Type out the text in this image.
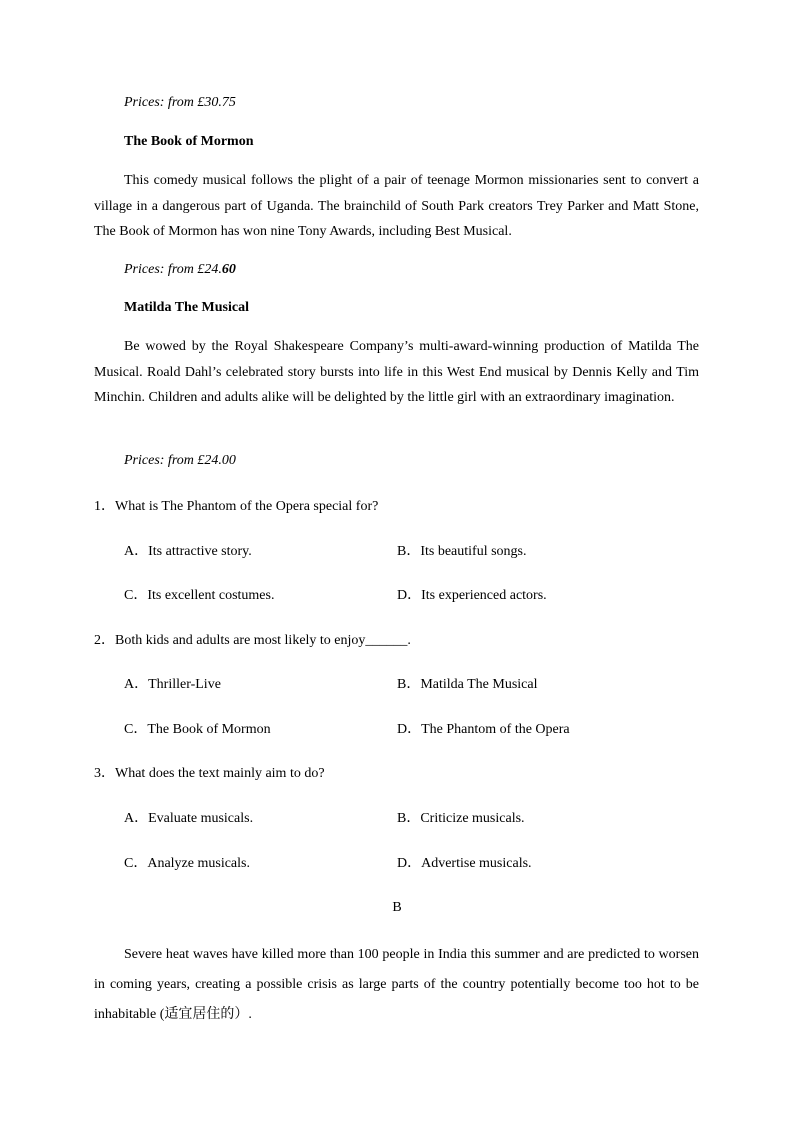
Prices: from £30.75
The Book of Mormon
This comedy musical follows the plight of a pair of teenage Mormon missionaries sent to convert a village in a dangerous part of Uganda. The brainchild of South Park creators Trey Parker and Matt Stone, The Book of Mormon has won nine Tony Awards, including Best Musical.
Prices: from £24.60
Matilda The Musical
Be wowed by the Royal Shakespeare Company’s multi-award-winning production of Matilda The Musical. Roald Dahl’s celebrated story bursts into life in this West End musical by Dennis Kelly and Tim Minchin. Children and adults alike will be delighted by the little girl with an extraordinary imagination.
Prices: from £24.00
1．What is The Phantom of the Opera special for?
A．Its attractive story.	B．Its beautiful songs.
C．Its excellent costumes.	D．Its experienced actors.
2．Both kids and adults are most likely to enjoy______.
A．Thriller-Live	B．Matilda The Musical
C．The Book of Mormon	D．The Phantom of the Opera
3．What does the text mainly aim to do?
A．Evaluate musicals.	B．Criticize musicals.
C．Analyze musicals.	D．Advertise musicals.
B
Severe heat waves have killed more than 100 people in India this summer and are predicted to worsen in coming years, creating a possible crisis as large parts of the country potentially become too hot to be inhabitable (适宜居住的）.
